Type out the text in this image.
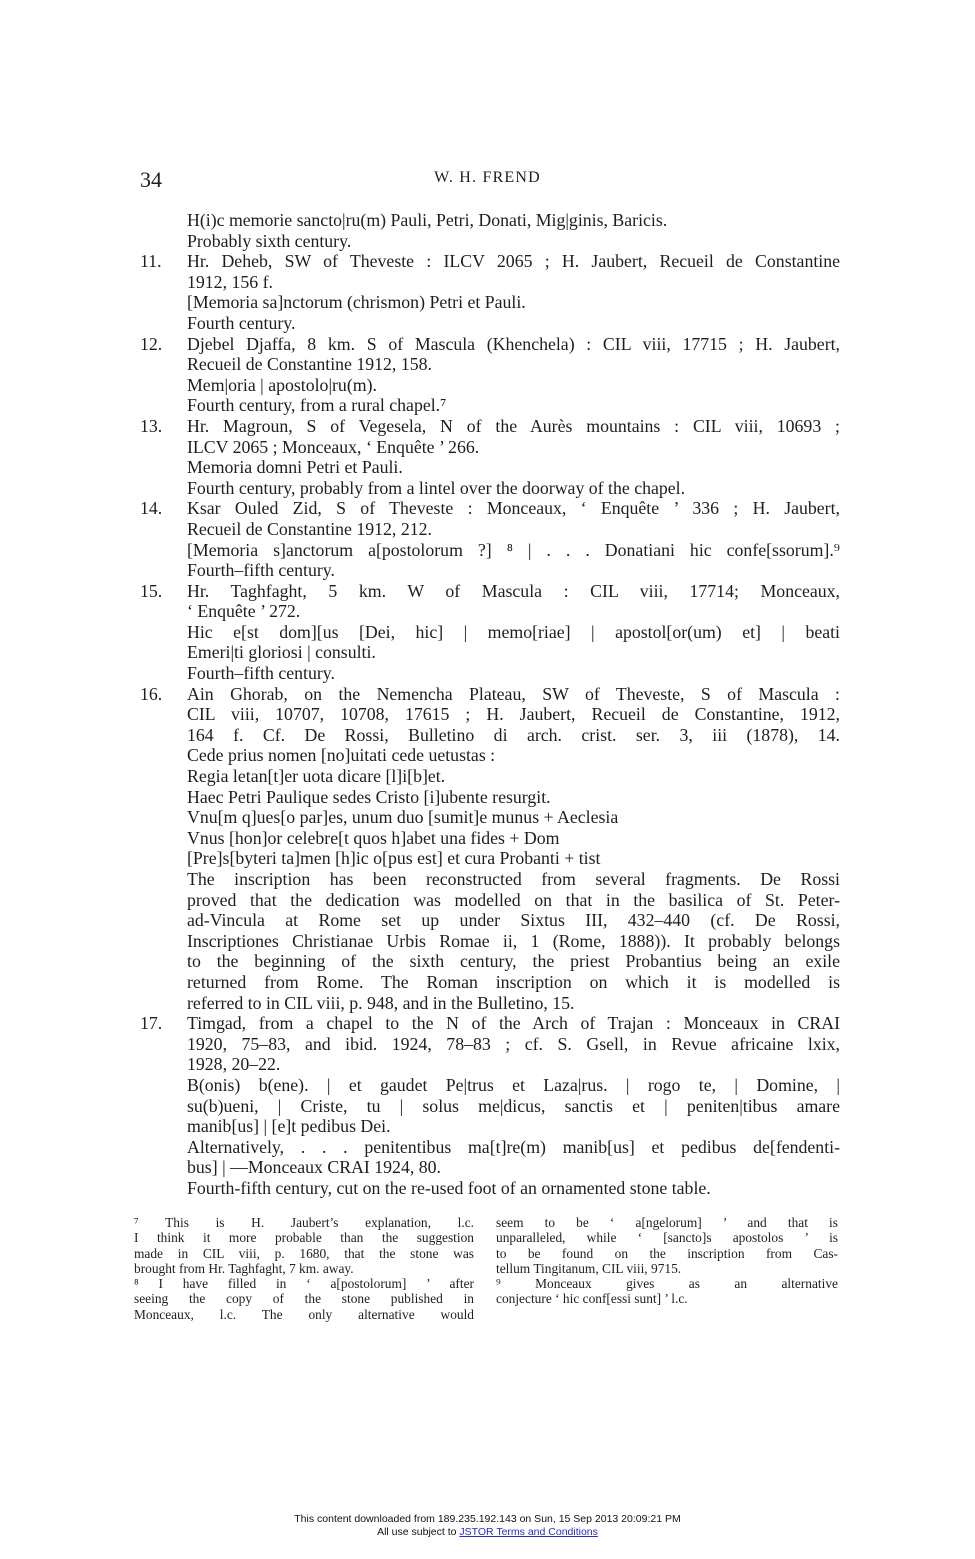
34	W. H. FREND
H(i)c memorie sancto|ru(m) Pauli, Petri, Donati, Mig|ginis, Baricis.
Probably sixth century.
11. Hr. Deheb, SW of Theveste : ILCV 2065 ; H. Jaubert, Recueil de Constantine
1912, 156 f.
[Memoria sa]nctorum (chrismon) Petri et Pauli.
Fourth century.
12. Djebel Djaffa, 8 km. S of Mascula (Khenchela) : CIL viii, 17715 ; H. Jaubert,
Recueil de Constantine 1912, 158.
Mem|oria | apostolo|ru(m).
Fourth century, from a rural chapel.⁷
13. Hr. Magroun, S of Vegesela, N of the Aurès mountains : CIL viii, 10693 ;
ILCV 2065 ; Monceaux, ‘ Enquête ’ 266.
Memoria domni Petri et Pauli.
Fourth century, probably from a lintel over the doorway of the chapel.
14. Ksar Ouled Zid, S of Theveste : Monceaux, ‘ Enquête ’ 336 ; H. Jaubert,
Recueil de Constantine 1912, 212.
[Memoria s]anctorum a[postolorum ?] ⁸ | . . . Donatiani hic confe[ssorum].⁹
Fourth–fifth century.
15. Hr. Taghfaght, 5 km. W of Mascula : CIL viii, 17714; Monceaux,
‘ Enquête ’ 272.
Hic e[st dom][us [Dei, hic] | memo[riae] | apostol[or(um) et] | beati
Emeri|ti gloriosi | consulti.
Fourth–fifth century.
16. Ain Ghorab, on the Nemencha Plateau, SW of Theveste, S of Mascula :
CIL viii, 10707, 10708, 17615 ; H. Jaubert, Recueil de Constantine, 1912,
164 f. Cf. De Rossi, Bulletino di arch. crist. ser. 3, iii (1878), 14.
Cede prius nomen [no]uitati cede uetustas :
Regia letan[t]er uota dicare [l]i[b]et.
Haec Petri Paulique sedes Cristo [i]ubente resurgit.
Vnu[m q]ues[o par]es, unum duo [sumit]e munus + Aeclesia
Vnus [hon]or celebre[t quos h]abet una fides + Dom
[Pre]s[byteri ta]men [h]ic o[pus est] et cura Probanti + tist
The inscription has been reconstructed from several fragments. De Rossi
proved that the dedication was modelled on that in the basilica of St. Peter-
ad-Vincula at Rome set up under Sixtus III, 432–440 (cf. De Rossi,
Inscriptiones Christianae Urbis Romae ii, 1 (Rome, 1888)). It probably belongs
to the beginning of the sixth century, the priest Probantius being an exile
returned from Rome. The Roman inscription on which it is modelled is
referred to in CIL viii, p. 948, and in the Bulletino, 15.
17. Timgad, from a chapel to the N of the Arch of Trajan : Monceaux in CRAI
1920, 75–83, and ibid. 1924, 78–83 ; cf. S. Gsell, in Revue africaine lxix,
1928, 20–22.
B(onis) b(ene). | et gaudet Pe|trus et Laza|rus. | rogo te, | Domine, |
su(b)ueni, | Criste, tu | solus me|dicus, sanctis et | peniten|tibus amare
manib[us] | [e]t pedibus Dei.
Alternatively, . . . penitentibus ma[t]re(m) manib[us] et pedibus de[fendenti-
bus] | —Monceaux CRAI 1924, 80.
Fourth-fifth century, cut on the re-used foot of an ornamented stone table.
⁷ This is H. Jaubert’s explanation, l.c.
I think it more probable than the suggestion
made in CIL viii, p. 1680, that the stone was
brought from Hr. Taghfaght, 7 km. away.
⁸ I have filled in ‘ a[postolorum] ’ after
seeing the copy of the stone published in
Monceaux, l.c. The only alternative would
seem to be ‘ a[ngelorum] ’ and that is
unparalleled, while ‘ [sancto]s apostolos ’ is
to be found on the inscription from Cas-
tellum Tingitanum, CIL viii, 9715.
⁹ Monceaux gives as an alternative
conjecture ‘ hic conf[essi sunt] ’ l.c.
This content downloaded from 189.235.192.143 on Sun, 15 Sep 2013 20:09:21 PM
All use subject to JSTOR Terms and Conditions
